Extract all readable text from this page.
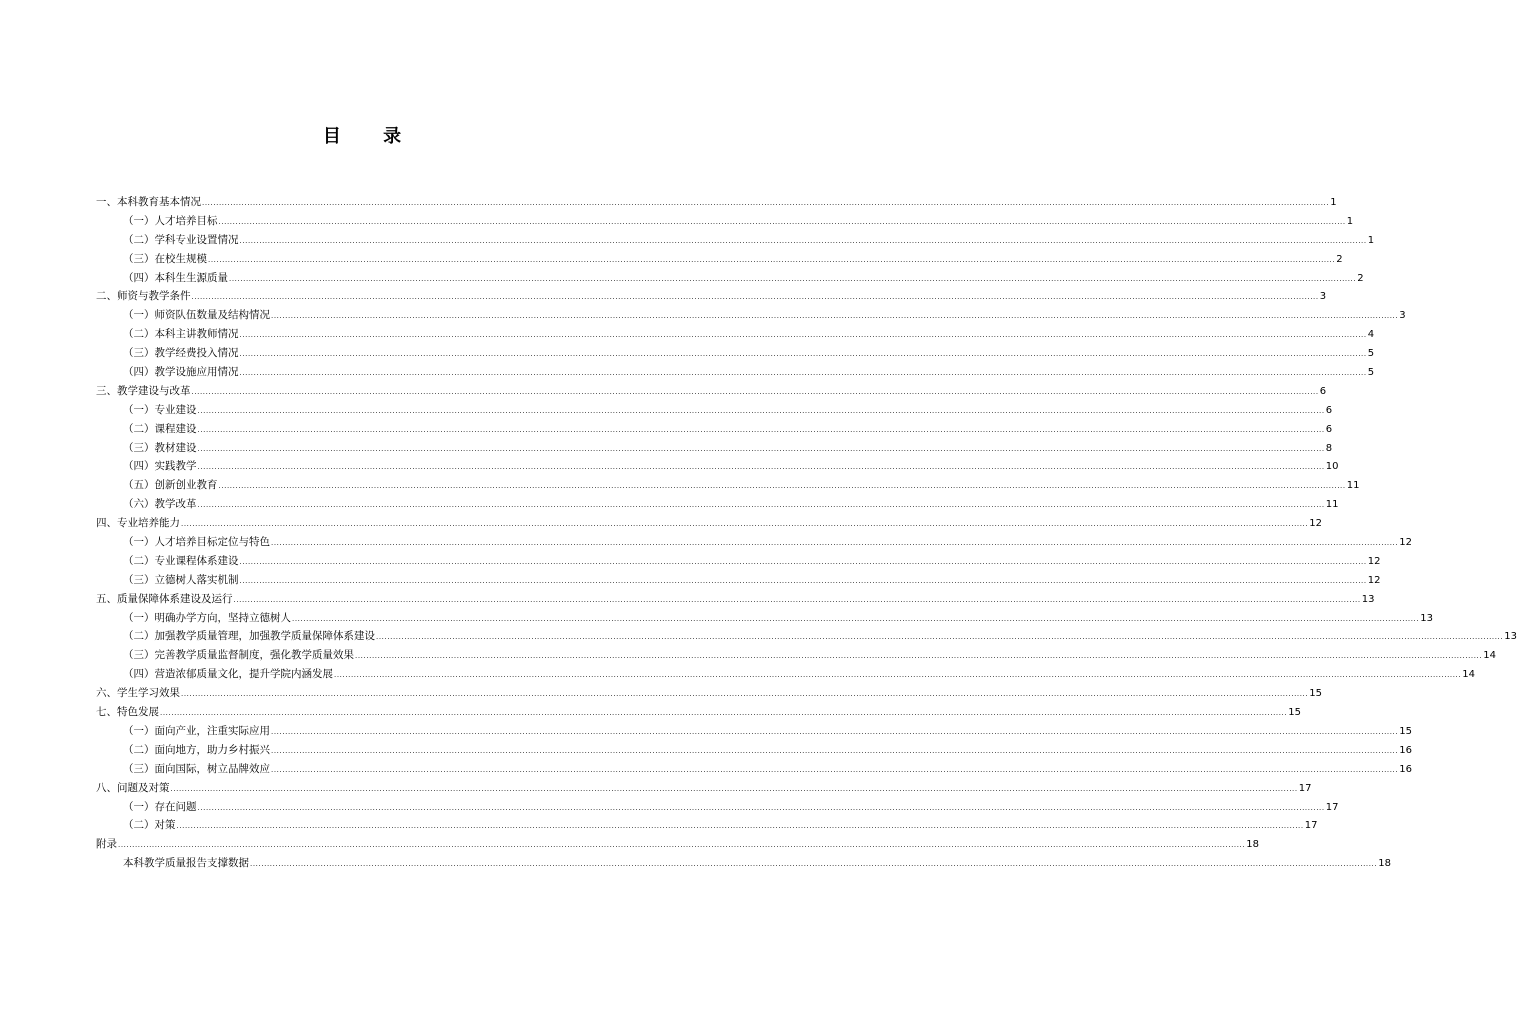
目 录
一、本科教育基本情况 ............................................................................................................................................................................................................................................................................................................................................................................................................... 1
（一）人才培养目标 ............................................................................................................................................................................................................................................................................................................................................................................................................... 1
（二）学科专业设置情况 ............................................................................................................................................................................................................................................................................................................................................................................................................... 1
（三）在校生规模 ............................................................................................................................................................................................................................................................................................................................................................................................................... 2
（四）本科生生源质量 ............................................................................................................................................................................................................................................................................................................................................................................................................... 2
二、师资与教学条件 ............................................................................................................................................................................................................................................................................................................................................................................................................... 3
（一）师资队伍数量及结构情况 ............................................................................................................................................................................................................................................................................................................................................................................................................... 3
（二）本科主讲教师情况 ............................................................................................................................................................................................................................................................................................................................................................................................................... 4
（三）教学经费投入情况 ............................................................................................................................................................................................................................................................................................................................................................................................................... 5
（四）教学设施应用情况 ............................................................................................................................................................................................................................................................................................................................................................................................................... 5
三、教学建设与改革 ............................................................................................................................................................................................................................................................................................................................................................................................................... 6
（一）专业建设 ............................................................................................................................................................................................................................................................................................................................................................................................................... 6
（二）课程建设 ............................................................................................................................................................................................................................................................................................................................................................................................................... 6
（三）教材建设 ............................................................................................................................................................................................................................................................................................................................................................................................................... 8
（四）实践教学 ............................................................................................................................................................................................................................................................................................................................................................................................................... 10
（五）创新创业教育 ............................................................................................................................................................................................................................................................................................................................................................................................................... 11
（六）教学改革 ............................................................................................................................................................................................................................................................................................................................................................................................................... 11
四、专业培养能力 ............................................................................................................................................................................................................................................................................................................................................................................................................... 12
（一）人才培养目标定位与特色 ............................................................................................................................................................................................................................................................................................................................................................................................................... 12
（二）专业课程体系建设 ............................................................................................................................................................................................................................................................................................................................................................................................................... 12
（三）立德树人落实机制 ............................................................................................................................................................................................................................................................................................................................................................................................................... 12
五、质量保障体系建设及运行 ............................................................................................................................................................................................................................................................................................................................................................................................................... 13
（一）明确办学方向，坚持立德树人 ............................................................................................................................................................................................................................................................................................................................................................................................................... 13
（二）加强教学质量管理，加强教学质量保障体系建设 ............................................................................................................................................................................................................................................................................................................................................................................................................... 13
（三）完善教学质量监督制度，强化教学质量效果 ............................................................................................................................................................................................................................................................................................................................................................................................................... 14
（四）营造浓郁质量文化，提升学院内涵发展 ............................................................................................................................................................................................................................................................................................................................................................................................................... 14
六、学生学习效果 ............................................................................................................................................................................................................................................................................................................................................................................................................... 15
七、特色发展 ............................................................................................................................................................................................................................................................................................................................................................................................................... 15
（一）面向产业，注重实际应用 ............................................................................................................................................................................................................................................................................................................................................................................................................... 15
（二）面向地方，助力乡村振兴 ............................................................................................................................................................................................................................................................................................................................................................................................................... 16
（三）面向国际，树立品牌效应 ............................................................................................................................................................................................................................................................................................................................................................................................................... 16
八、问题及对策 ............................................................................................................................................................................................................................................................................................................................................................................................................... 17
（一）存在问题 ............................................................................................................................................................................................................................................................................................................................................................................................................... 17
（二）对策 ............................................................................................................................................................................................................................................................................................................................................................................................................... 17
附录 ............................................................................................................................................................................................................................................................................................................................................................................................................... 18
本科教学质量报告支撑数据 ............................................................................................................................................................................................................................................................................................................................................................................................................... 18
